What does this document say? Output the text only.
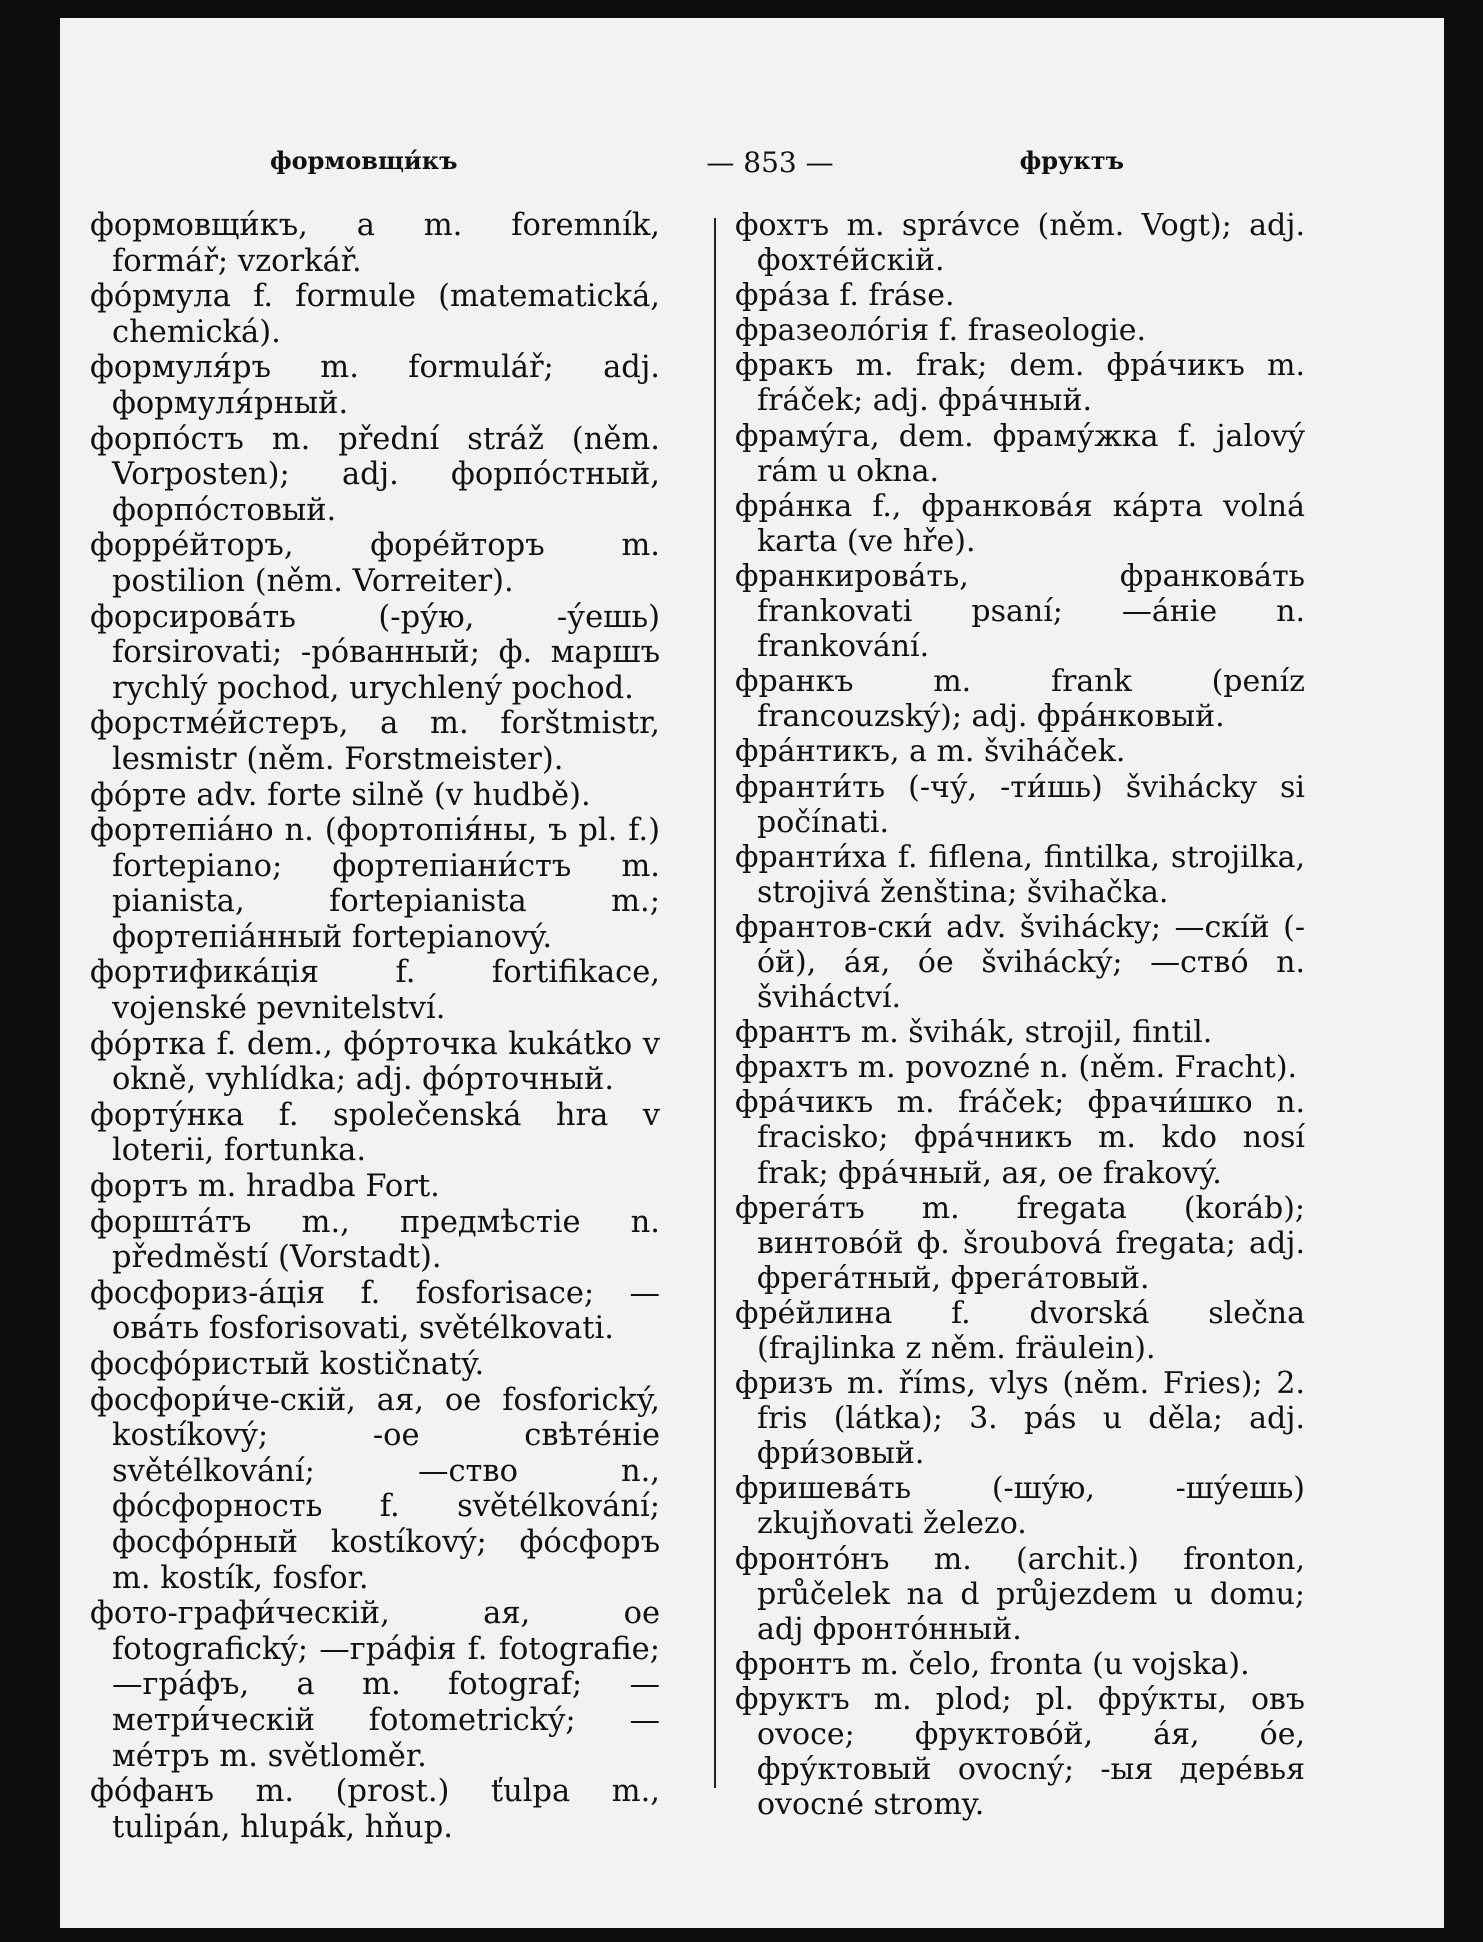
формовщи́къ	— 853 —	фруктъ

формовщи́къ, а m. foremník, formář; vzorkář.

фо́рмула f. formule (matematická, chemická).

формуля́ръ m. formulář; adj. формуля́рный.

форпо́стъ m. přední stráž (něm. Vorposten); adj. форпо́стный, форпо́стовый.

форре́йторъ, форе́йторъ m. postilion (něm. Vorreiter).

форсирова́ть (-ру́ю, -у́ешь) forsirovati; -ро́ванный; ф. маршъ rychlý pochod, urychlený pochod.

форстме́йстеръ, а m. forštmistr, lesmistr (něm. Forstmeister).

фо́рте adv. forte silně (v hudbě).

фортепіа́но n. (фортопія́ны, ъ pl. f.) fortepiano; фортепіани́стъ m. pianista, fortepianista m.; фортепіа́нный fortepianový.

фортифика́ція f. fortifikace, vojenské pevnitelství.

фо́ртка f. dem., фо́рточка kukátko v okně, vyhlídka; adj. фо́рточный.

форту́нка f. společenská hra v loterii, fortunka.

фортъ m. hradba Fort.

форшта́тъ m., предмѣстіе n. předměstí (Vorstadt).

фосфориз-а́ція f. fosforisace; —ова́ть fosforisovati, světélkovati.

фосфо́ристый kostičnatý.

фосфори́че-скій, ая, ое fosforický, kostíkový; -ое свѣте́ніе světélkování; —ство n., фо́сфорность f. světélkování; фосфо́рный kostíkový; фо́сфоръ m. kostík, fosfor.

фото-графи́ческій, ая, ое fotografický; —гра́фія f. fotografie; —гра́фъ, а m. fotograf; —метри́ческій fotometrický; —ме́тръ m. světloměr.

фо́фанъ m. (prost.) ťulpa m., tulipán, hlupák, hňup.

фохтъ m. správce (něm. Vogt); adj. фохте́йскій.

фра́за f. fráse.

фразеоло́гія f. fraseologie.

фракъ m. frak; dem. фра́чикъ m. fráček; adj. фра́чный.

фраму́га, dem. фраму́жка f. jalový rám u okna.

фра́нка f., франкова́я ка́рта volná karta (ve hře).

франкирова́ть, франкова́ть frankovati psaní; —а́ніе n. frankování.

франкъ m. frank (peníz francouzský); adj. фра́нковый.

фра́нтикъ, а m. šviháček.

франти́ть (-чу́, -ти́шь) švihácky si počínati.

франти́ха f. fiflena, fintilka, strojilka, strojivá ženština; švihačka.

франтов-ски́ adv. švihácky; —скі́й (-о́й), а́я, о́е švihácký; —ство́ n. šviháctví.

франтъ m. švihák, strojil, fintil.

фрахтъ m. povozné n. (něm. Fracht).

фра́чикъ m. fráček; фрачи́шко n. fracisko; фра́чникъ m. kdo nosí frak; фра́чный, ая, ое frakový.

фрега́тъ m. fregata (koráb); винтово́й ф. šroubová fregata; adj. фрега́тный, фрега́товый.

фре́йлина f. dvorská slečna (frajlinka z něm. fräulein).

фризъ m. říms, vlys (něm. Fries); 2. fris (látka); 3. pás u děla; adj. фри́зовый.

фришева́ть (-шу́ю, -шу́ешь) zkujňovati železo.

фронто́нъ m. (archit.) fronton, průčelek na d průjezdem u domu; adj фронто́нный.

фронтъ m. čelo, fronta (u vojska).

фруктъ m. plod; pl. фру́кты, овъ ovoce; фруктово́й, а́я, о́е, фру́ктовый ovocný; -ыя дере́вья ovocné stromy.
